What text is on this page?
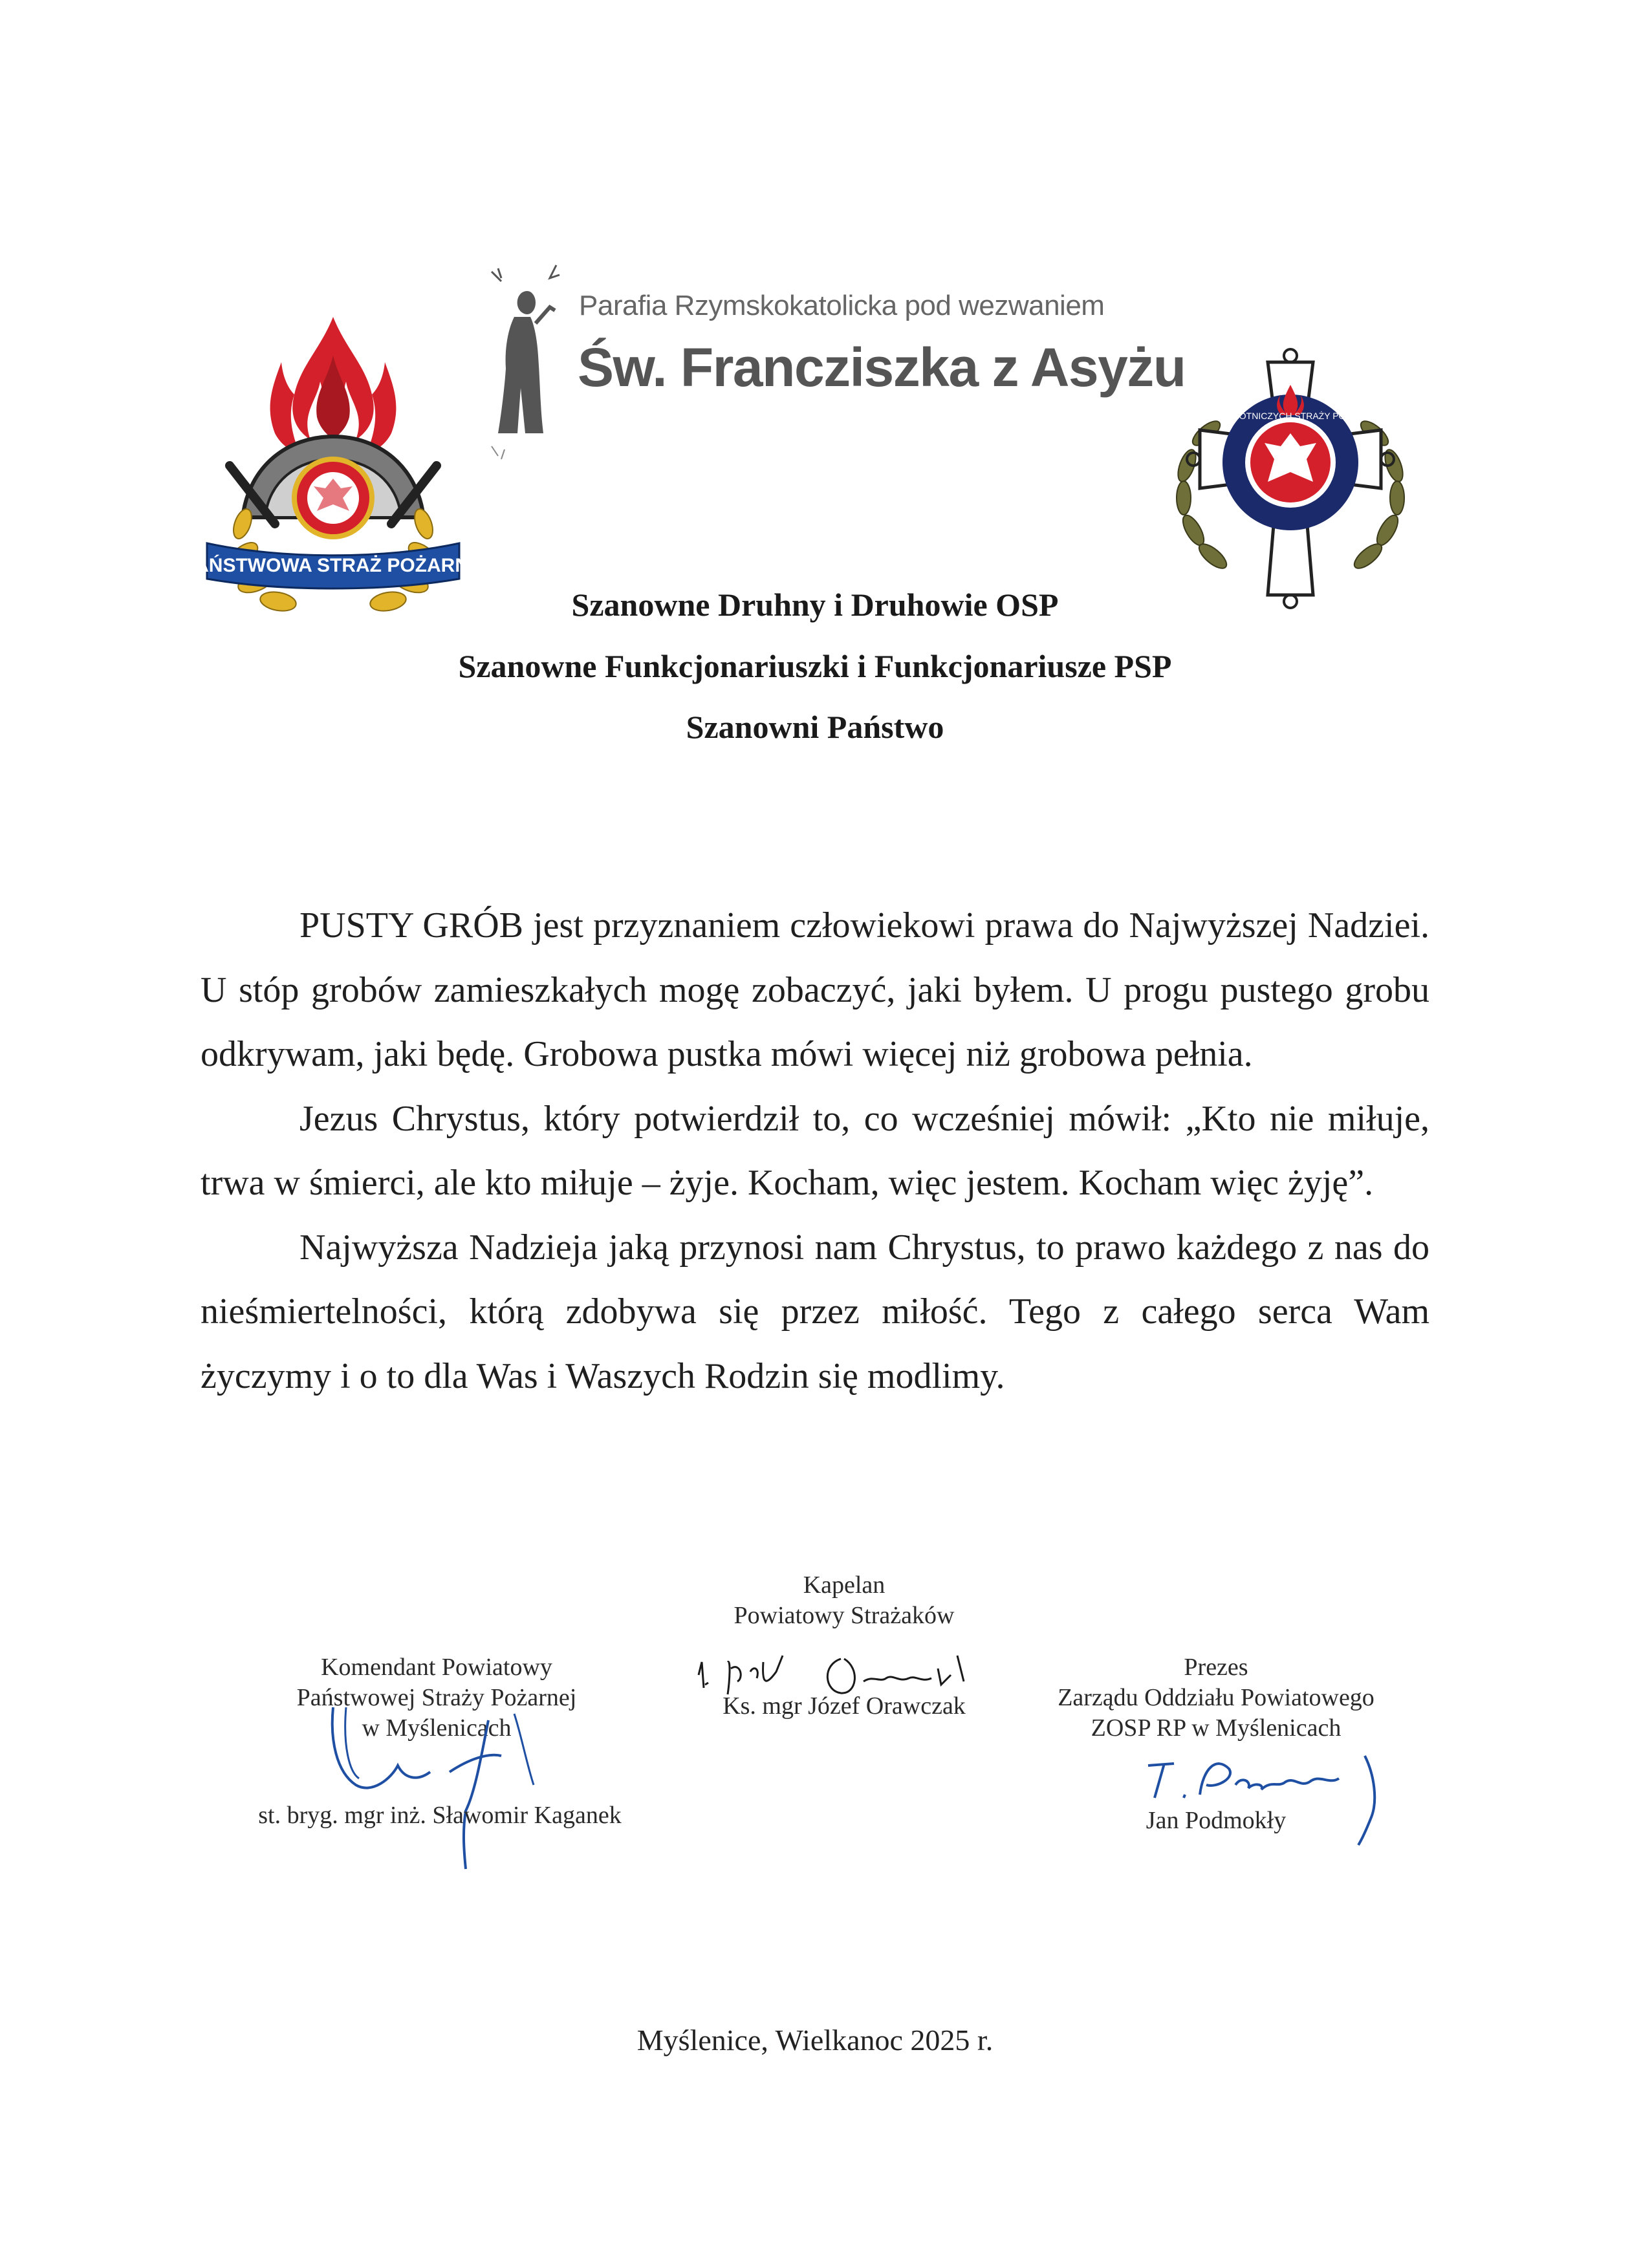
PAŃSTWOWA STRAŻ POŻARNA
Parafia Rzymskokatolicka pod wezwaniem
Św. Francziszka z Asyżu
ZWIĄZEK OCHOTNICZYCH STRAŻY POŻARNYCH RP
Szanowne Druhny i Druhowie OSP
Szanowne Funkcjonariuszki i Funkcjonariusze PSP
Szanowni Państwo

PUSTY GRÓB jest przyznaniem człowiekowi prawa do Najwyższej Nadziei. U stóp grobów zamieszkałych mogę zobaczyć, jaki byłem. U progu pustego grobu odkrywam, jaki będę. Grobowa pustka mówi więcej niż grobowa pełnia.

Jezus Chrystus, który potwierdził to, co wcześniej mówił: „Kto nie miłuje, trwa w śmierci, ale kto miłuje – żyje. Kocham, więc jestem. Kocham więc żyję”.

Najwyższa Nadzieja jaką przynosi nam Chrystus, to prawo każdego z nas do nieśmiertelności, którą zdobywa się przez miłość. Tego z całego serca Wam życzymy i o to dla Was i Waszych Rodzin się modlimy.

Kapelan
Powiatowy Strażaków
Ks. mgr Józef Orawczak
Komendant Powiatowy
Państwowej Straży Pożarnej
w Myślenicach
st. bryg. mgr inż. Sławomir Kaganek
Prezes
Zarządu Oddziału Powiatowego
ZOSP RP w Myślenicach
Jan Podmokły
Myślenice, Wielkanoc 2025 r.
